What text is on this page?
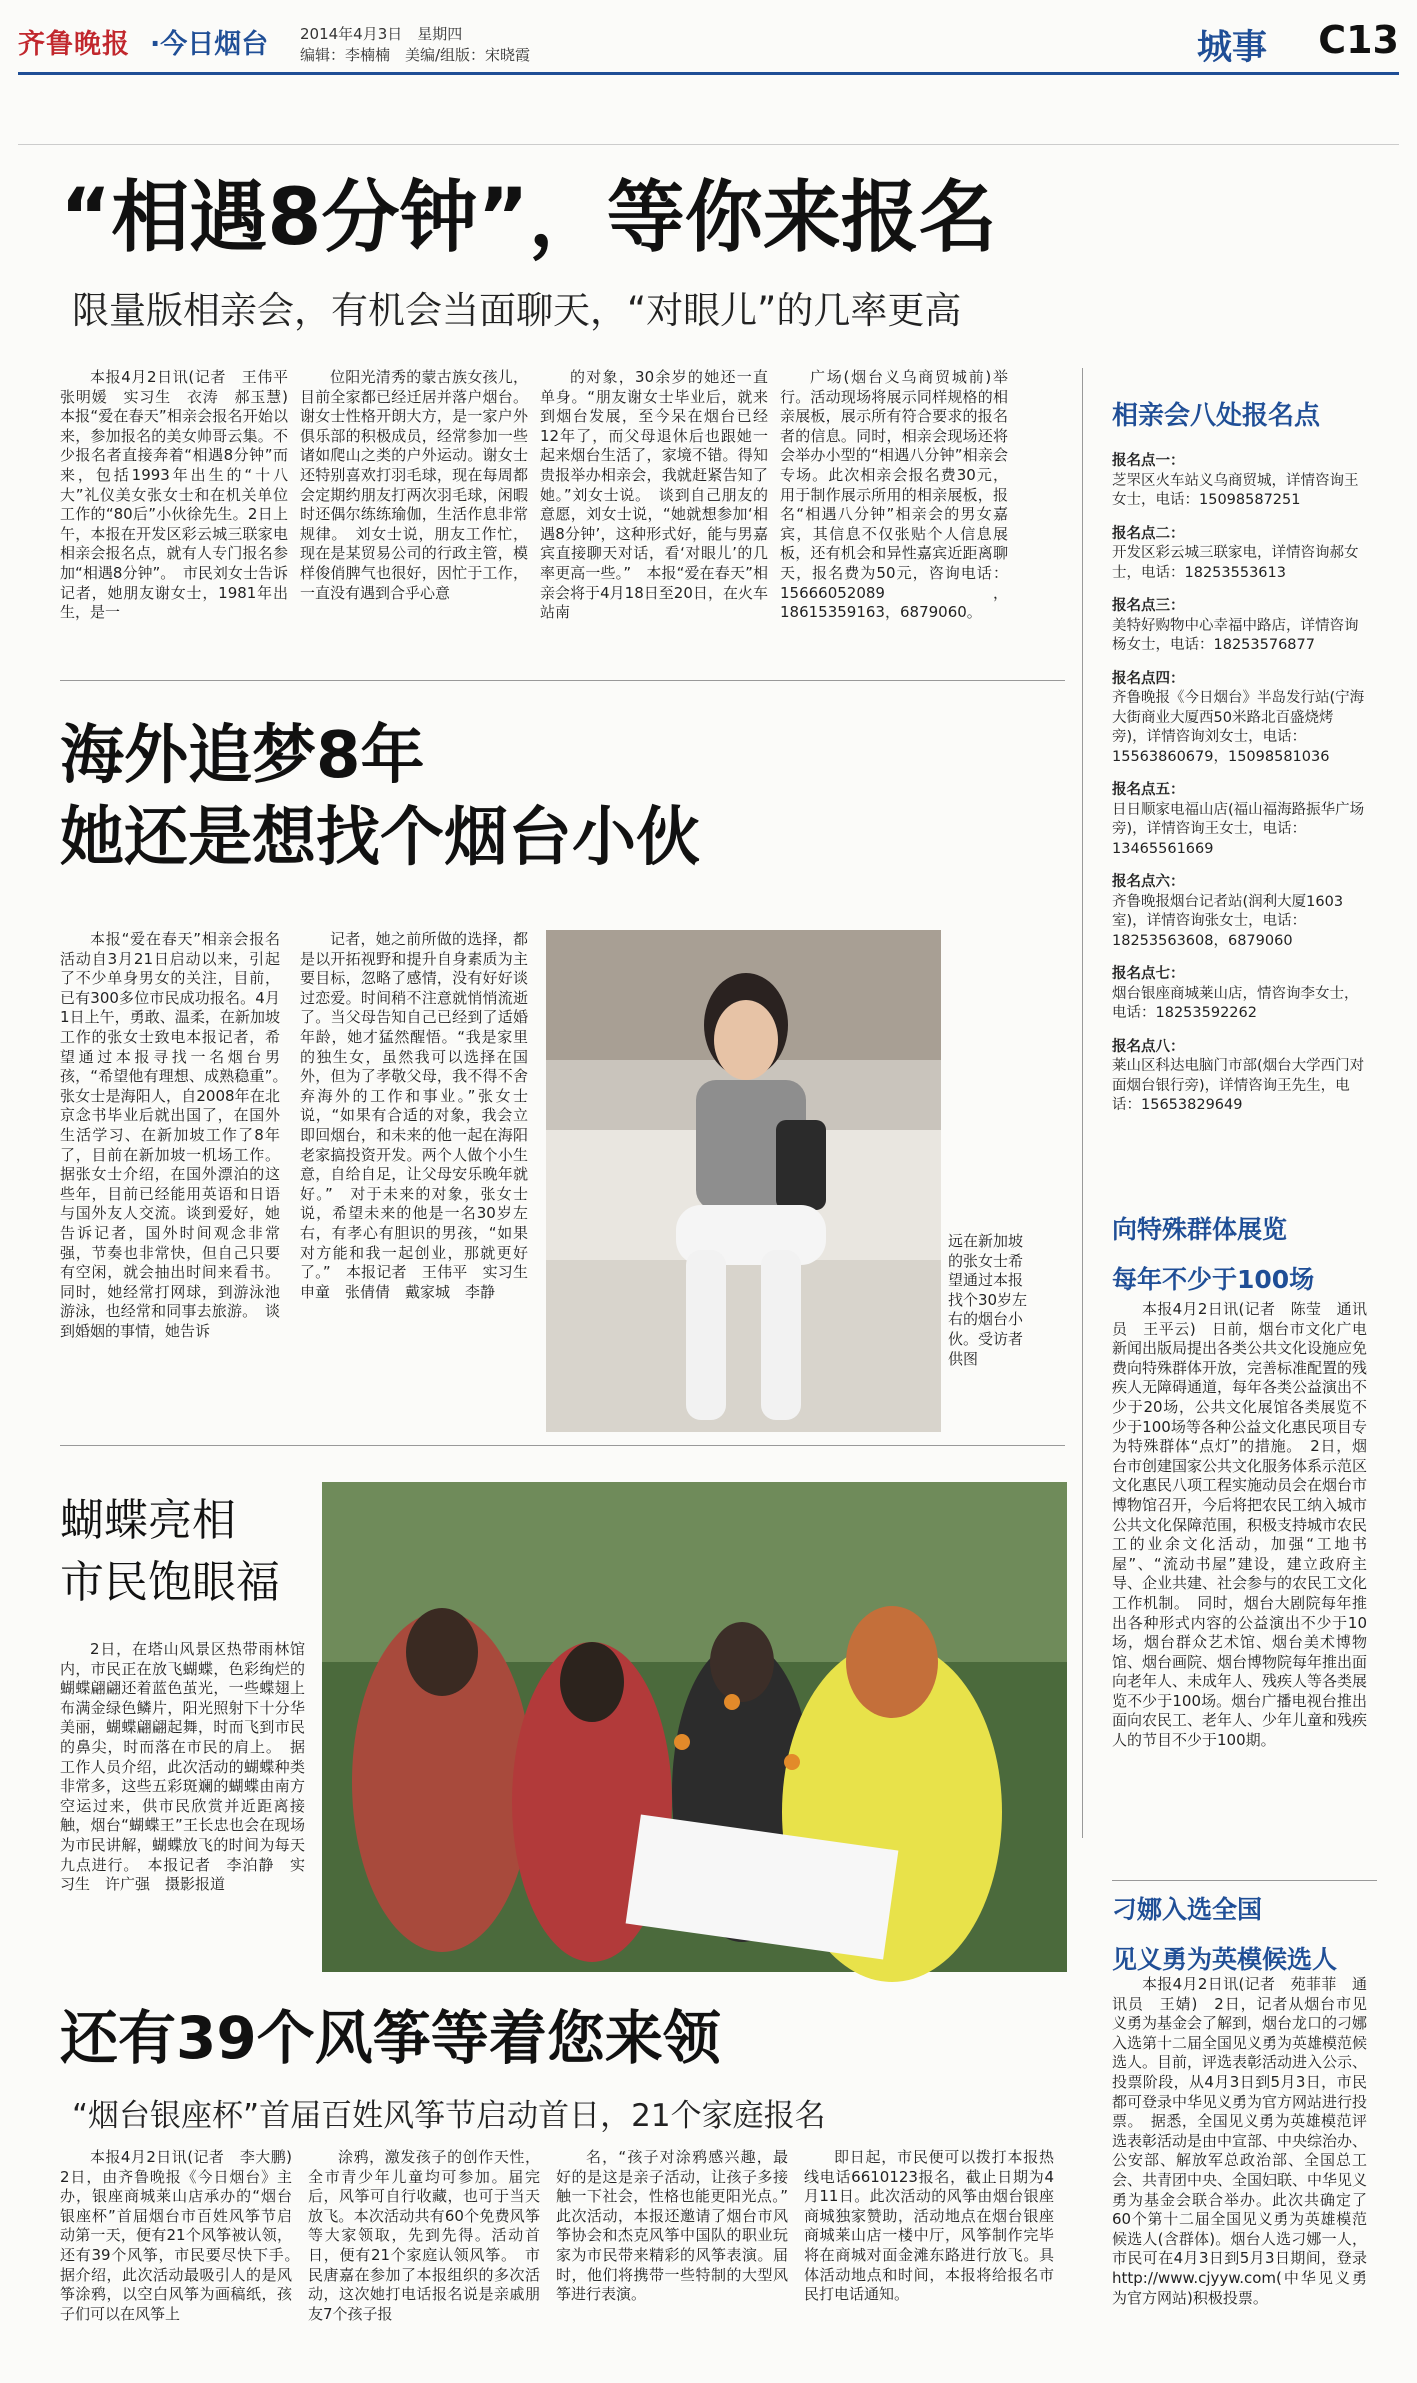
齐鲁晚报 ·今日烟台 2014年4月3日　星期四
编辑：李楠楠　美编/组版：宋晓霞	城事 C13
“相遇8分钟”，等你来报名
限量版相亲会，有机会当面聊天，“对眼儿”的几率更高

本报4月2日讯(记者　王伟平　张明媛　实习生　衣涛　郝玉慧)　本报“爱在春天”相亲会报名开始以来，参加报名的美女帅哥云集。不少报名者直接奔着“相遇8分钟”而来，包括1993年出生的“十八大”礼仪美女张女士和在机关单位工作的“80后”小伙徐先生。2日上午，本报在开发区彩云城三联家电相亲会报名点，就有人专门报名参加“相遇8分钟”。　市民刘女士告诉记者，她朋友谢女士，1981年出生，是一

位阳光清秀的蒙古族女孩儿，目前全家都已经迁居并落户烟台。谢女士性格开朗大方，是一家户外俱乐部的积极成员，经常参加一些诸如爬山之类的户外运动。谢女士还特别喜欢打羽毛球，现在每周都会定期约朋友打两次羽毛球，闲暇时还偶尔练练瑜伽，生活作息非常规律。　刘女士说，朋友工作忙，现在是某贸易公司的行政主管，模样俊俏脾气也很好，因忙于工作，一直没有遇到合乎心意

的对象，30余岁的她还一直单身。“朋友谢女士毕业后，就来到烟台发展，至今呆在烟台已经12年了，而父母退休后也跟她一起来烟台生活了，家境不错。得知贵报举办相亲会，我就赶紧告知了她。”刘女士说。　谈到自己朋友的意愿，刘女士说，“她就想参加‘相遇8分钟’，这种形式好，能与男嘉宾直接聊天对话，看‘对眼儿’的几率更高一些。”　本报“爱在春天”相亲会将于4月18日至20日，在火车站南

广场(烟台义乌商贸城前)举行。活动现场将展示同样规格的相亲展板，展示所有符合要求的报名者的信息。同时，相亲会现场还将会举办小型的“相遇八分钟”相亲会专场。此次相亲会报名费30元，用于制作展示所用的相亲展板，报名“相遇八分钟”相亲会的男女嘉宾，其信息不仅张贴个人信息展板，还有机会和异性嘉宾近距离聊天，报名费为50元，咨询电话：15666052089，18615359163，6879060。

相亲会八处报名点
报名点一：
芝罘区火车站义乌商贸城，详情咨询王女士，电话：15098587251
报名点二：
开发区彩云城三联家电，详情咨询郝女士，电话：18253553613
报名点三：
美特好购物中心幸福中路店，详情咨询杨女士，电话：18253576877
报名点四：
齐鲁晚报《今日烟台》半岛发行站(宁海大街商业大厦西50米路北百盛烧烤旁)，详情咨询刘女士，电话：15563860679，15098581036
报名点五：
日日顺家电福山店(福山福海路振华广场旁)，详情咨询王女士，电话：13465561669
报名点六：
齐鲁晚报烟台记者站(润利大厦1603室)，详情咨询张女士，电话：18253563608，6879060
报名点七：
烟台银座商城莱山店，情咨询李女士，电话：18253592262
报名点八：
莱山区科达电脑门市部(烟台大学西门对面烟台银行旁)，详情咨询王先生，电话：15653829649
海外追梦8年
她还是想找个烟台小伙

本报“爱在春天”相亲会报名活动自3月21日启动以来，引起了不少单身男女的关注，目前，已有300多位市民成功报名。4月1日上午，勇敢、温柔，在新加坡工作的张女士致电本报记者，希望通过本报寻找一名烟台男孩，“希望他有理想、成熟稳重”。　张女士是海阳人，自2008年在北京念书毕业后就出国了，在国外生活学习、在新加坡工作了8年了，目前在新加坡一机场工作。据张女士介绍，在国外漂泊的这些年，目前已经能用英语和日语与国外友人交流。谈到爱好，她告诉记者，国外时间观念非常强，节奏也非常快，但自己只要有空闲，就会抽出时间来看书。同时，她经常打网球，到游泳池游泳，也经常和同事去旅游。　谈到婚姻的事情，她告诉

记者，她之前所做的选择，都是以开拓视野和提升自身素质为主要目标，忽略了感情，没有好好谈过恋爱。时间稍不注意就悄悄流逝了。当父母告知自己已经到了适婚年龄，她才猛然醒悟。“我是家里的独生女，虽然我可以选择在国外，但为了孝敬父母，我不得不舍弃海外的工作和事业。”张女士说，“如果有合适的对象，我会立即回烟台，和未来的他一起在海阳老家搞投资开发。两个人做个小生意，自给自足，让父母安乐晚年就好。”　对于未来的对象，张女士说，希望未来的他是一名30岁左右，有孝心有胆识的男孩，“如果对方能和我一起创业，那就更好了。”　本报记者　王伟平　实习生　申童　张倩倩　戴家城　李静

远在新加坡的张女士希望通过本报找个30岁左右的烟台小伙。受访者供图
蝴蝶亮相
市民饱眼福

2日，在塔山风景区热带雨林馆内，市民正在放飞蝴蝶，色彩绚烂的蝴蝶翩翩还着蓝色茧光，一些蝶翅上布满金绿色鳞片，阳光照射下十分华美丽，蝴蝶翩翩起舞，时而飞到市民的鼻尖，时而落在市民的肩上。　据工作人员介绍，此次活动的蝴蝶种类非常多，这些五彩斑斓的蝴蝶由南方空运过来，供市民欣赏并近距离接触，烟台“蝴蝶王”王长忠也会在现场为市民讲解，蝴蝶放飞的时间为每天九点进行。　本报记者　李泊静　实习生　许广强　摄影报道

向特殊群体展览
每年不少于100场

本报4月2日讯(记者　陈莹　通讯员　王平云)　日前，烟台市文化广电新闻出版局提出各类公共文化设施应免费向特殊群体开放，完善标准配置的残疾人无障碍通道，每年各类公益演出不少于20场，公共文化展馆各类展览不少于100场等各种公益文化惠民项目专为特殊群体“点灯”的措施。　2日，烟台市创建国家公共文化服务体系示范区文化惠民八项工程实施动员会在烟台市博物馆召开，今后将把农民工纳入城市公共文化保障范围，积极支持城市农民工的业余文化活动，加强“工地书屋”、“流动书屋”建设，建立政府主导、企业共建、社会参与的农民工文化工作机制。　同时，烟台大剧院每年推出各种形式内容的公益演出不少于10场，烟台群众艺术馆、烟台美术博物馆、烟台画院、烟台博物院每年推出面向老年人、未成年人、残疾人等各类展览不少于100场。烟台广播电视台推出面向农民工、老年人、少年儿童和残疾人的节目不少于100期。

刁娜入选全国
见义勇为英模候选人

本报4月2日讯(记者　苑菲菲　通讯员　王婧)　2日，记者从烟台市见义勇为基金会了解到，烟台龙口的刁娜入选第十二届全国见义勇为英雄模范候选人。目前，评选表彰活动进入公示、投票阶段，从4月3日到5月3日，市民都可登录中华见义勇为官方网站进行投票。　据悉，全国见义勇为英雄模范评选表彰活动是由中宣部、中央综治办、公安部、解放军总政治部、全国总工会、共青团中央、全国妇联、中华见义勇为基金会联合举办。此次共确定了60个第十二届全国见义勇为英雄模范候选人(含群体)。烟台人选刁娜一人，市民可在4月3日到5月3日期间，登录 http://www.cjyyw.com(中华见义勇为官方网站)积极投票。

还有39个风筝等着您来领
“烟台银座杯”首届百姓风筝节启动首日，21个家庭报名

本报4月2日讯(记者　李大鹏)　2日，由齐鲁晚报《今日烟台》主办，银座商城莱山店承办的“烟台银座杯”首届烟台市百姓风筝节启动第一天，便有21个风筝被认领，还有39个风筝，市民要尽快下手。　据介绍，此次活动最吸引人的是风筝涂鸦，以空白风筝为画稿纸，孩子们可以在风筝上

涂鸦，激发孩子的创作天性，全市青少年儿童均可参加。届完后，风筝可自行收藏，也可于当天放飞。本次活动共有60个免费风筝等大家领取，先到先得。活动首日，便有21个家庭认领风筝。　市民唐嘉在参加了本报组织的多次活动，这次她打电话报名说是亲戚朋友7个孩子报

名，“孩子对涂鸦感兴趣，最好的是这是亲子活动，让孩子多接触一下社会，性格也能更阳光点。”　此次活动，本报还邀请了烟台市风筝协会和杰克风筝中国队的职业玩家为市民带来精彩的风筝表演。届时，他们将携带一些特制的大型风筝进行表演。

即日起，市民便可以拨打本报热线电话6610123报名，截止日期为4月11日。此次活动的风筝由烟台银座商城独家赞助，活动地点在烟台银座商城莱山店一楼中厅，风筝制作完毕将在商城对面金滩东路进行放飞。具体活动地点和时间，本报将给报名市民打电话通知。
